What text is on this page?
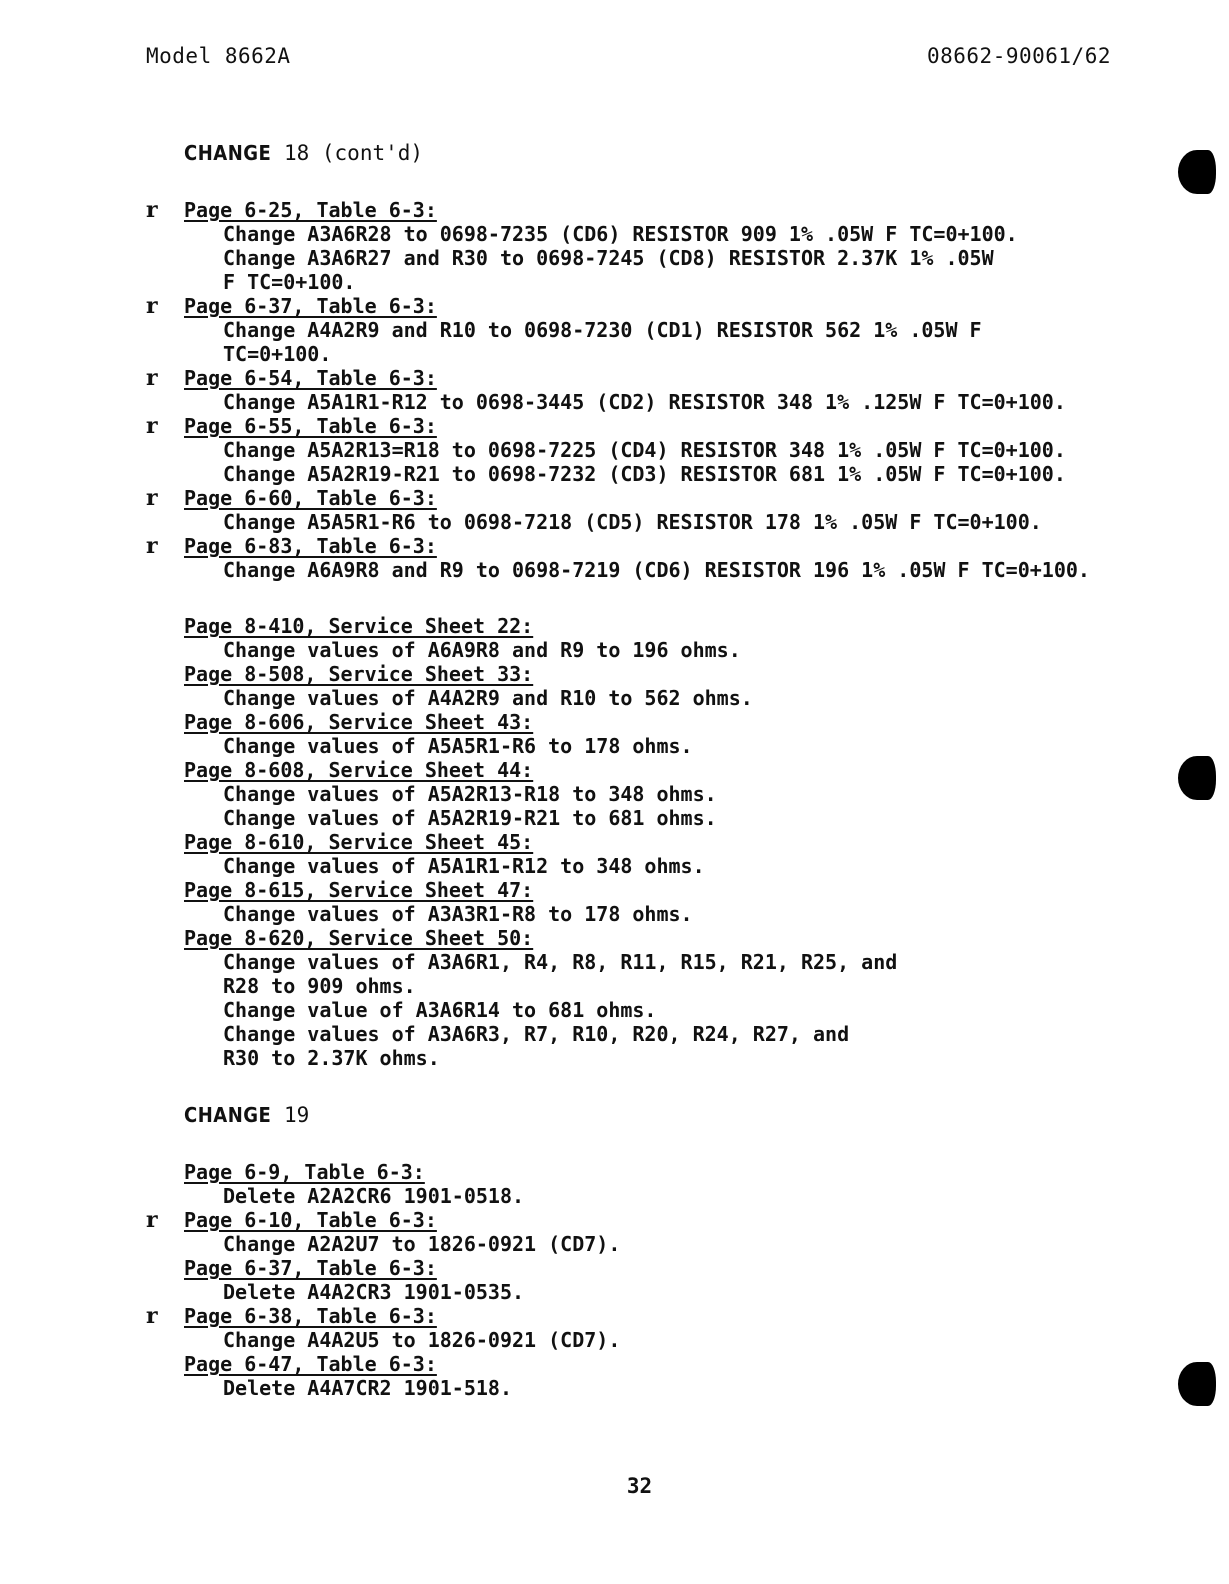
Model 8662A	08662-90061/62
CHANGE 18 (cont'd)
r	Page 6-25, Table 6-3:
Change A3A6R28 to 0698-7235 (CD6) RESISTOR 909 1% .05W F TC=0+100.
Change A3A6R27 and R30 to 0698-7245 (CD8) RESISTOR 2.37K 1% .05W
F TC=0+100.
r	Page 6-37, Table 6-3:
Change A4A2R9 and R10 to 0698-7230 (CD1) RESISTOR 562 1% .05W F
TC=0+100.
r	Page 6-54, Table 6-3:
Change A5A1R1-R12 to 0698-3445 (CD2) RESISTOR 348 1% .125W F TC=0+100.
r	Page 6-55, Table 6-3:
Change A5A2R13=R18 to 0698-7225 (CD4) RESISTOR 348 1% .05W F TC=0+100.
Change A5A2R19-R21 to 0698-7232 (CD3) RESISTOR 681 1% .05W F TC=0+100.
r	Page 6-60, Table 6-3:
Change A5A5R1-R6 to 0698-7218 (CD5) RESISTOR 178 1% .05W F TC=0+100.
r	Page 6-83, Table 6-3:
Change A6A9R8 and R9 to 0698-7219 (CD6) RESISTOR 196 1% .05W F TC=0+100.
Page 8-410, Service Sheet 22:
Change values of A6A9R8 and R9 to 196 ohms.
Page 8-508, Service Sheet 33:
Change values of A4A2R9 and R10 to 562 ohms.
Page 8-606, Service Sheet 43:
Change values of A5A5R1-R6 to 178 ohms.
Page 8-608, Service Sheet 44:
Change values of A5A2R13-R18 to 348 ohms.
Change values of A5A2R19-R21 to 681 ohms.
Page 8-610, Service Sheet 45:
Change values of A5A1R1-R12 to 348 ohms.
Page 8-615, Service Sheet 47:
Change values of A3A3R1-R8 to 178 ohms.
Page 8-620, Service Sheet 50:
Change values of A3A6R1, R4, R8, R11, R15, R21, R25, and
R28 to 909 ohms.
Change value of A3A6R14 to 681 ohms.
Change values of A3A6R3, R7, R10, R20, R24, R27, and
R30 to 2.37K ohms.
CHANGE 19
Page 6-9, Table 6-3:
Delete A2A2CR6 1901-0518.
r	Page 6-10, Table 6-3:
Change A2A2U7 to 1826-0921 (CD7).
Page 6-37, Table 6-3:
Delete A4A2CR3 1901-0535.
r	Page 6-38, Table 6-3:
Change A4A2U5 to 1826-0921 (CD7).
Page 6-47, Table 6-3:
Delete A4A7CR2 1901-518.
32
